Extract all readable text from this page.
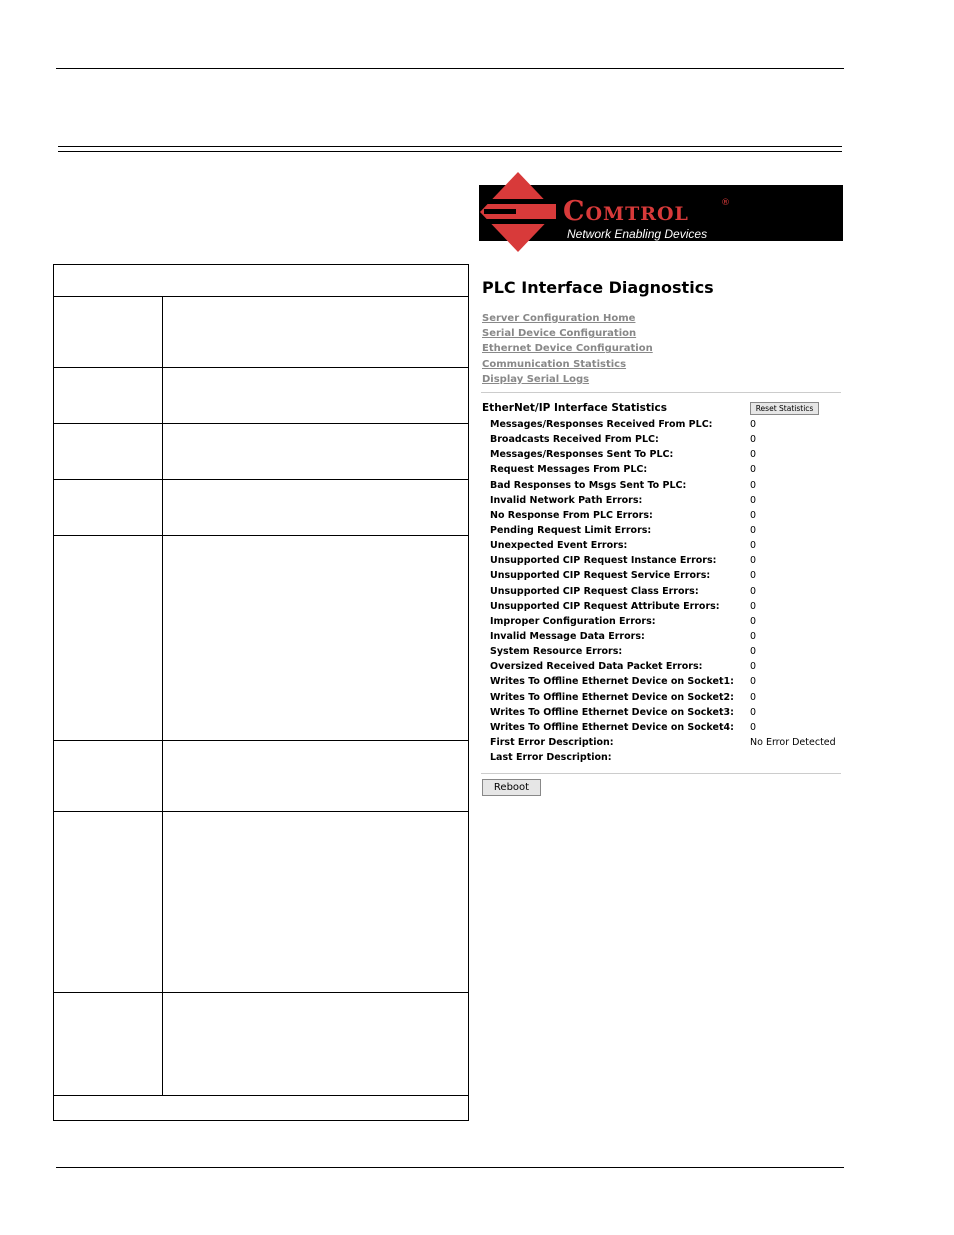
Comtrol	®
Network Enabling Devices
PLC Interface Diagnostics
Server Configuration Home
Serial Device Configuration
Ethernet Device Configuration
Communication Statistics
Display Serial Logs
EtherNet/IP Interface Statistics	Reset Statistics
Messages/Responses Received From PLC:	0
Broadcasts Received From PLC:	0
Messages/Responses Sent To PLC:	0
Request Messages From PLC:	0
Bad Responses to Msgs Sent To PLC:	0
Invalid Network Path Errors:	0
No Response From PLC Errors:	0
Pending Request Limit Errors:	0
Unexpected Event Errors:	0
Unsupported CIP Request Instance Errors:	0
Unsupported CIP Request Service Errors:	0
Unsupported CIP Request Class Errors:	0
Unsupported CIP Request Attribute Errors:	0
Improper Configuration Errors:	0
Invalid Message Data Errors:	0
System Resource Errors:	0
Oversized Received Data Packet Errors:	0
Writes To Offline Ethernet Device on Socket1: 0
Writes To Offline Ethernet Device on Socket2: 0
Writes To Offline Ethernet Device on Socket3: 0
Writes To Offline Ethernet Device on Socket4: 0
First Error Description:	No Error Detected
Last Error Description:
Reboot
